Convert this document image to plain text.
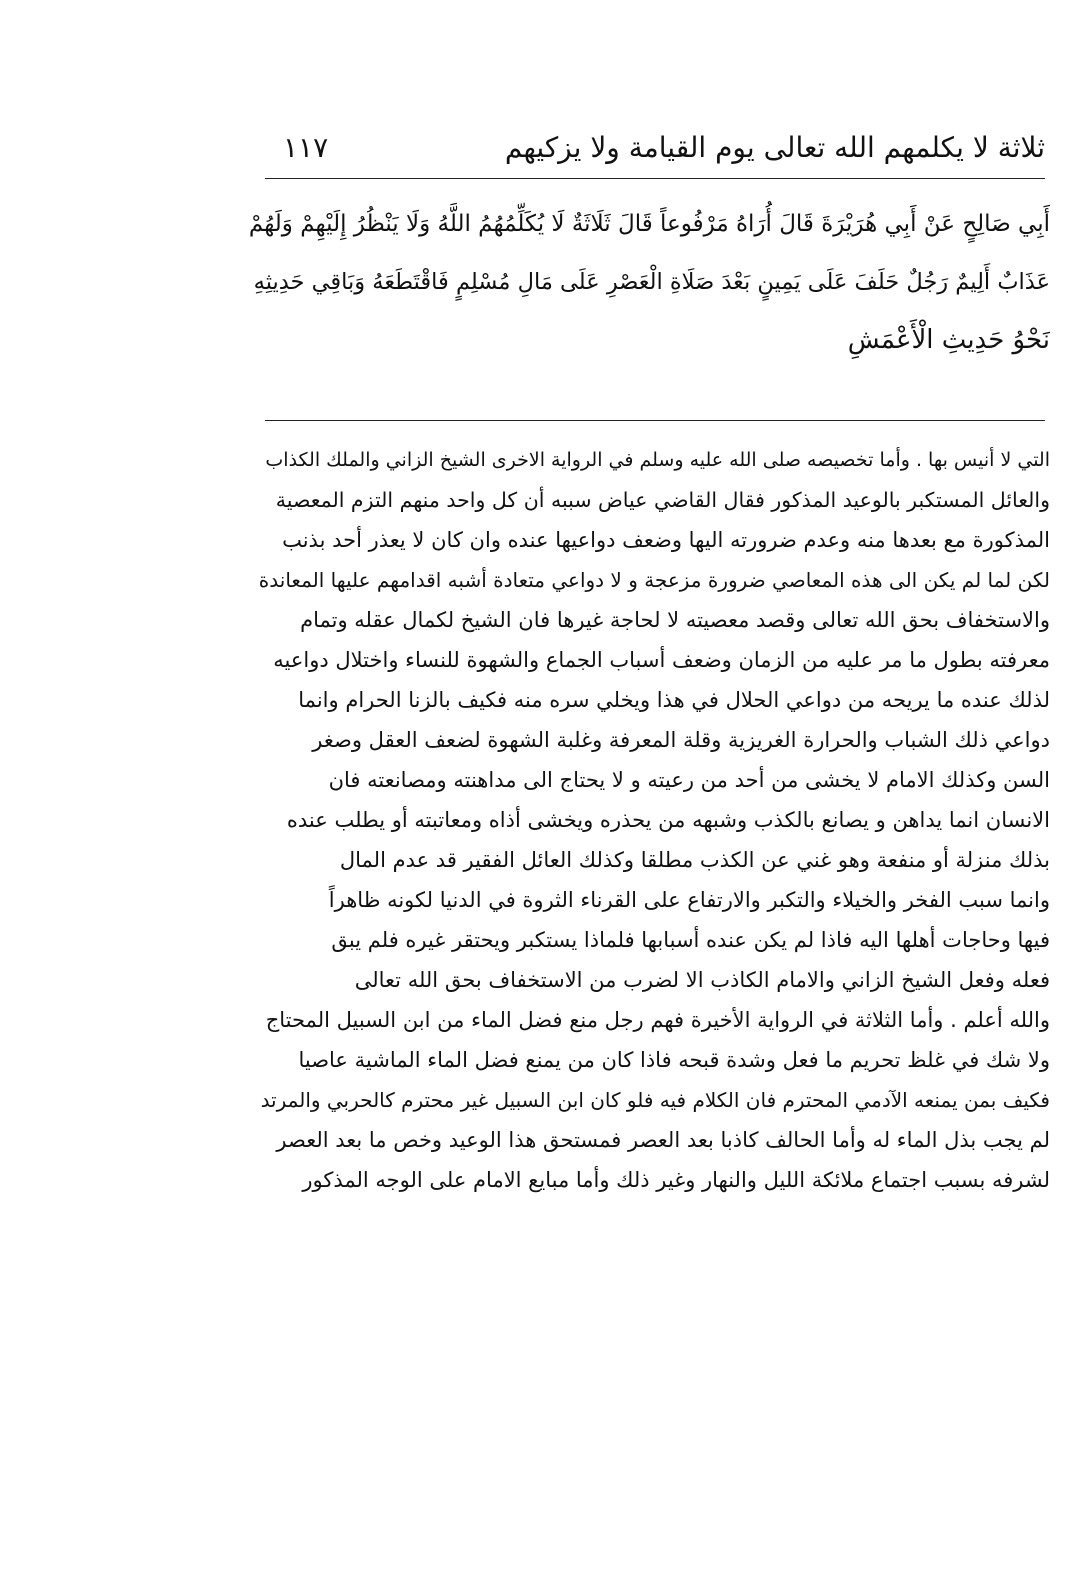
ثلاثة لا يكلمهم الله تعالى يوم القيامة ولا يزكيهم
١١٧
أَبِي صَالِحٍ عَنْ أَبِي هُرَيْرَةَ قَالَ أُرَاهُ مَرْفُوعاً قَالَ ثَلَاثَةٌ لَا يُكَلِّمُهُمُ اللَّهُ وَلَا يَنْظُرُ إِلَيْهِمْ وَلَهُمْ
عَذَابٌ أَلِيمٌ رَجُلٌ حَلَفَ عَلَى يَمِينٍ بَعْدَ صَلَاةِ الْعَصْرِ عَلَى مَالِ مُسْلِمٍ فَاقْتَطَعَهُ وَبَاقِي حَدِيثِهِ
نَحْوُ حَدِيثِ الْأَعْمَشِ
التي لا أنيس بها . وأما تخصيصه صلى الله عليه وسلم في الرواية الاخرى الشيخ الزاني والملك الكذاب
والعائل المستكبر بالوعيد المذكور فقال القاضي عياض سببه أن كل واحد منهم التزم المعصية
المذكورة مع بعدها منه وعدم ضرورته اليها وضعف دواعيها عنده وان كان لا يعذر أحد بذنب
لكن لما لم يكن الى هذه المعاصي ضرورة مزعجة و لا دواعي متعادة أشبه اقدامهم عليها المعاندة
والاستخفاف بحق الله تعالى وقصد معصيته لا لحاجة غيرها فان الشيخ لكمال عقله وتمام
معرفته بطول ما مر عليه من الزمان وضعف أسباب الجماع والشهوة للنساء واختلال دواعيه
لذلك عنده ما يريحه من دواعي الحلال في هذا ويخلي سره منه فكيف بالزنا الحرام وانما
دواعي ذلك الشباب والحرارة الغريزية وقلة المعرفة وغلبة الشهوة لضعف العقل وصغر
السن وكذلك الامام لا يخشى من أحد من رعيته و لا يحتاج الى مداهنته ومصانعته فان
الانسان انما يداهن و يصانع بالكذب وشبهه من يحذره ويخشى أذاه ومعاتبته أو يطلب عنده
بذلك منزلة أو منفعة وهو غني عن الكذب مطلقا وكذلك العائل الفقير قد عدم المال
وانما سبب الفخر والخيلاء والتكبر والارتفاع على القرناء الثروة في الدنيا لكونه ظاهراً
فيها وحاجات أهلها اليه فاذا لم يكن عنده أسبابها فلماذا يستكبر ويحتقر غيره فلم يبق
فعله وفعل الشيخ الزاني والامام الكاذب الا لضرب من الاستخفاف بحق الله تعالى
والله أعلم . وأما الثلاثة في الرواية الأخيرة فهم رجل منع فضل الماء من ابن السبيل المحتاج
ولا شك في غلظ تحريم ما فعل وشدة قبحه فاذا كان من يمنع فضل الماء الماشية عاصيا
فكيف بمن يمنعه الآدمي المحترم فان الكلام فيه فلو كان ابن السبيل غير محترم كالحربي والمرتد
لم يجب بذل الماء له وأما الحالف كاذبا بعد العصر فمستحق هذا الوعيد وخص ما بعد العصر
لشرفه بسبب اجتماع ملائكة الليل والنهار وغير ذلك وأما مبايع الامام على الوجه المذكور
